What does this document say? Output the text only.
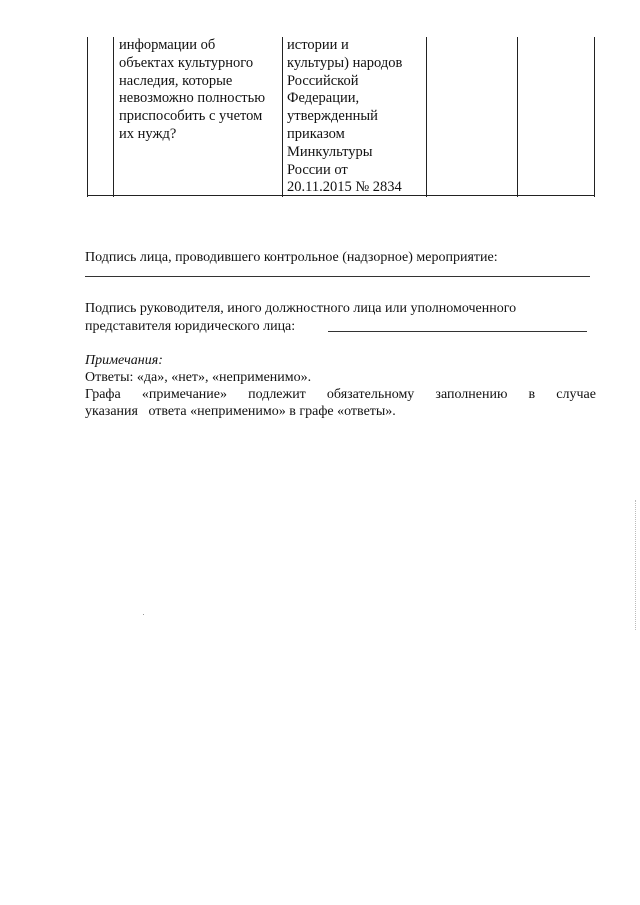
информации об
объектах культурного
наследия, которые
невозможно полностью
приспособить с учетом
их нужд?
истории и
культуры) народов
Российской
Федерации,
утвержденный
приказом
Минкультуры
России от
20.11.2015 № 2834
Подпись лица, проводившего контрольное (надзорное) мероприятие:
Подпись руководителя, иного должностного лица или уполномоченного
представителя юридического лица:
Примечания:
Ответы: «да», «нет», «неприменимо».
Графа «примечание» подлежит обязательному заполнению в случае
указания   ответа «неприменимо» в графе «ответы».
